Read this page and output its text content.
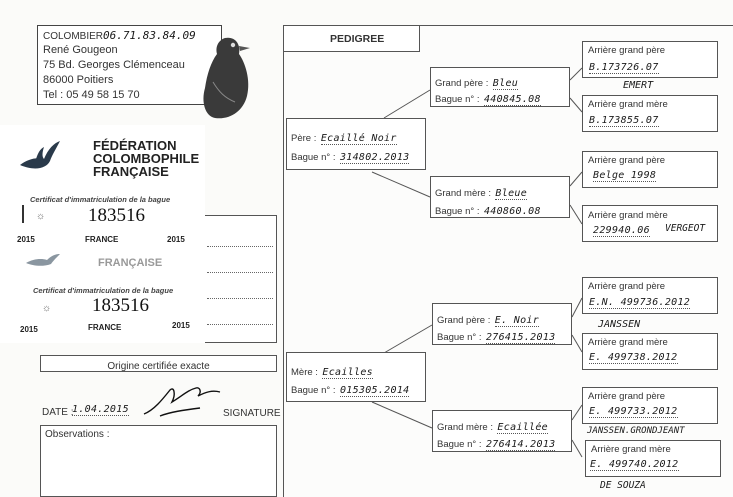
COLOMBIER06.71.83.84.09
René Gougeon
75 Bd. Georges Clémenceau
86000 Poitiers
Tel : 05 49 58 15 70
FÉDÉRATION
COLOMBOPHILE
FRANÇAISE
Certificat d'immatriculation de la bague
☼ 183516
2015	FRANCE	2015
FRANÇAISE
Certificat d'immatriculation de la bague
☼ 183516
2015	FRANCE	2015
Origine certifiée exacte
DATE :
1.04.2015	SIGNATURE
Observations :
PEDIGREE
Père : Ecaillé Noir
Bague n° : 314802.2013
Mère : Ecailles
Bague n° : 015305.2014
Grand père : Bleu
Bague n° : 440845.08
Grand mère : Bleue
Bague n° : 440860.08
Grand père : E. Noir
Bague n° : 276415.2013
Grand mère : Ecaillée
Bague n° : 276414.2013
Arrière grand père
B.173726.07
EMERT
Arrière grand mère
B.173855.07
Arrière grand père
Belge 1998
Arrière grand mère
229940.06 VERGEOT
Arrière grand père
E.N. 499736.2012
JANSSEN
Arrière grand mère
E. 499738.2012
Arrière grand père
E. 499733.2012
JANSSEN.GRONDJEANT
Arrière grand mère
E. 499740.2012
DE SOUZA
